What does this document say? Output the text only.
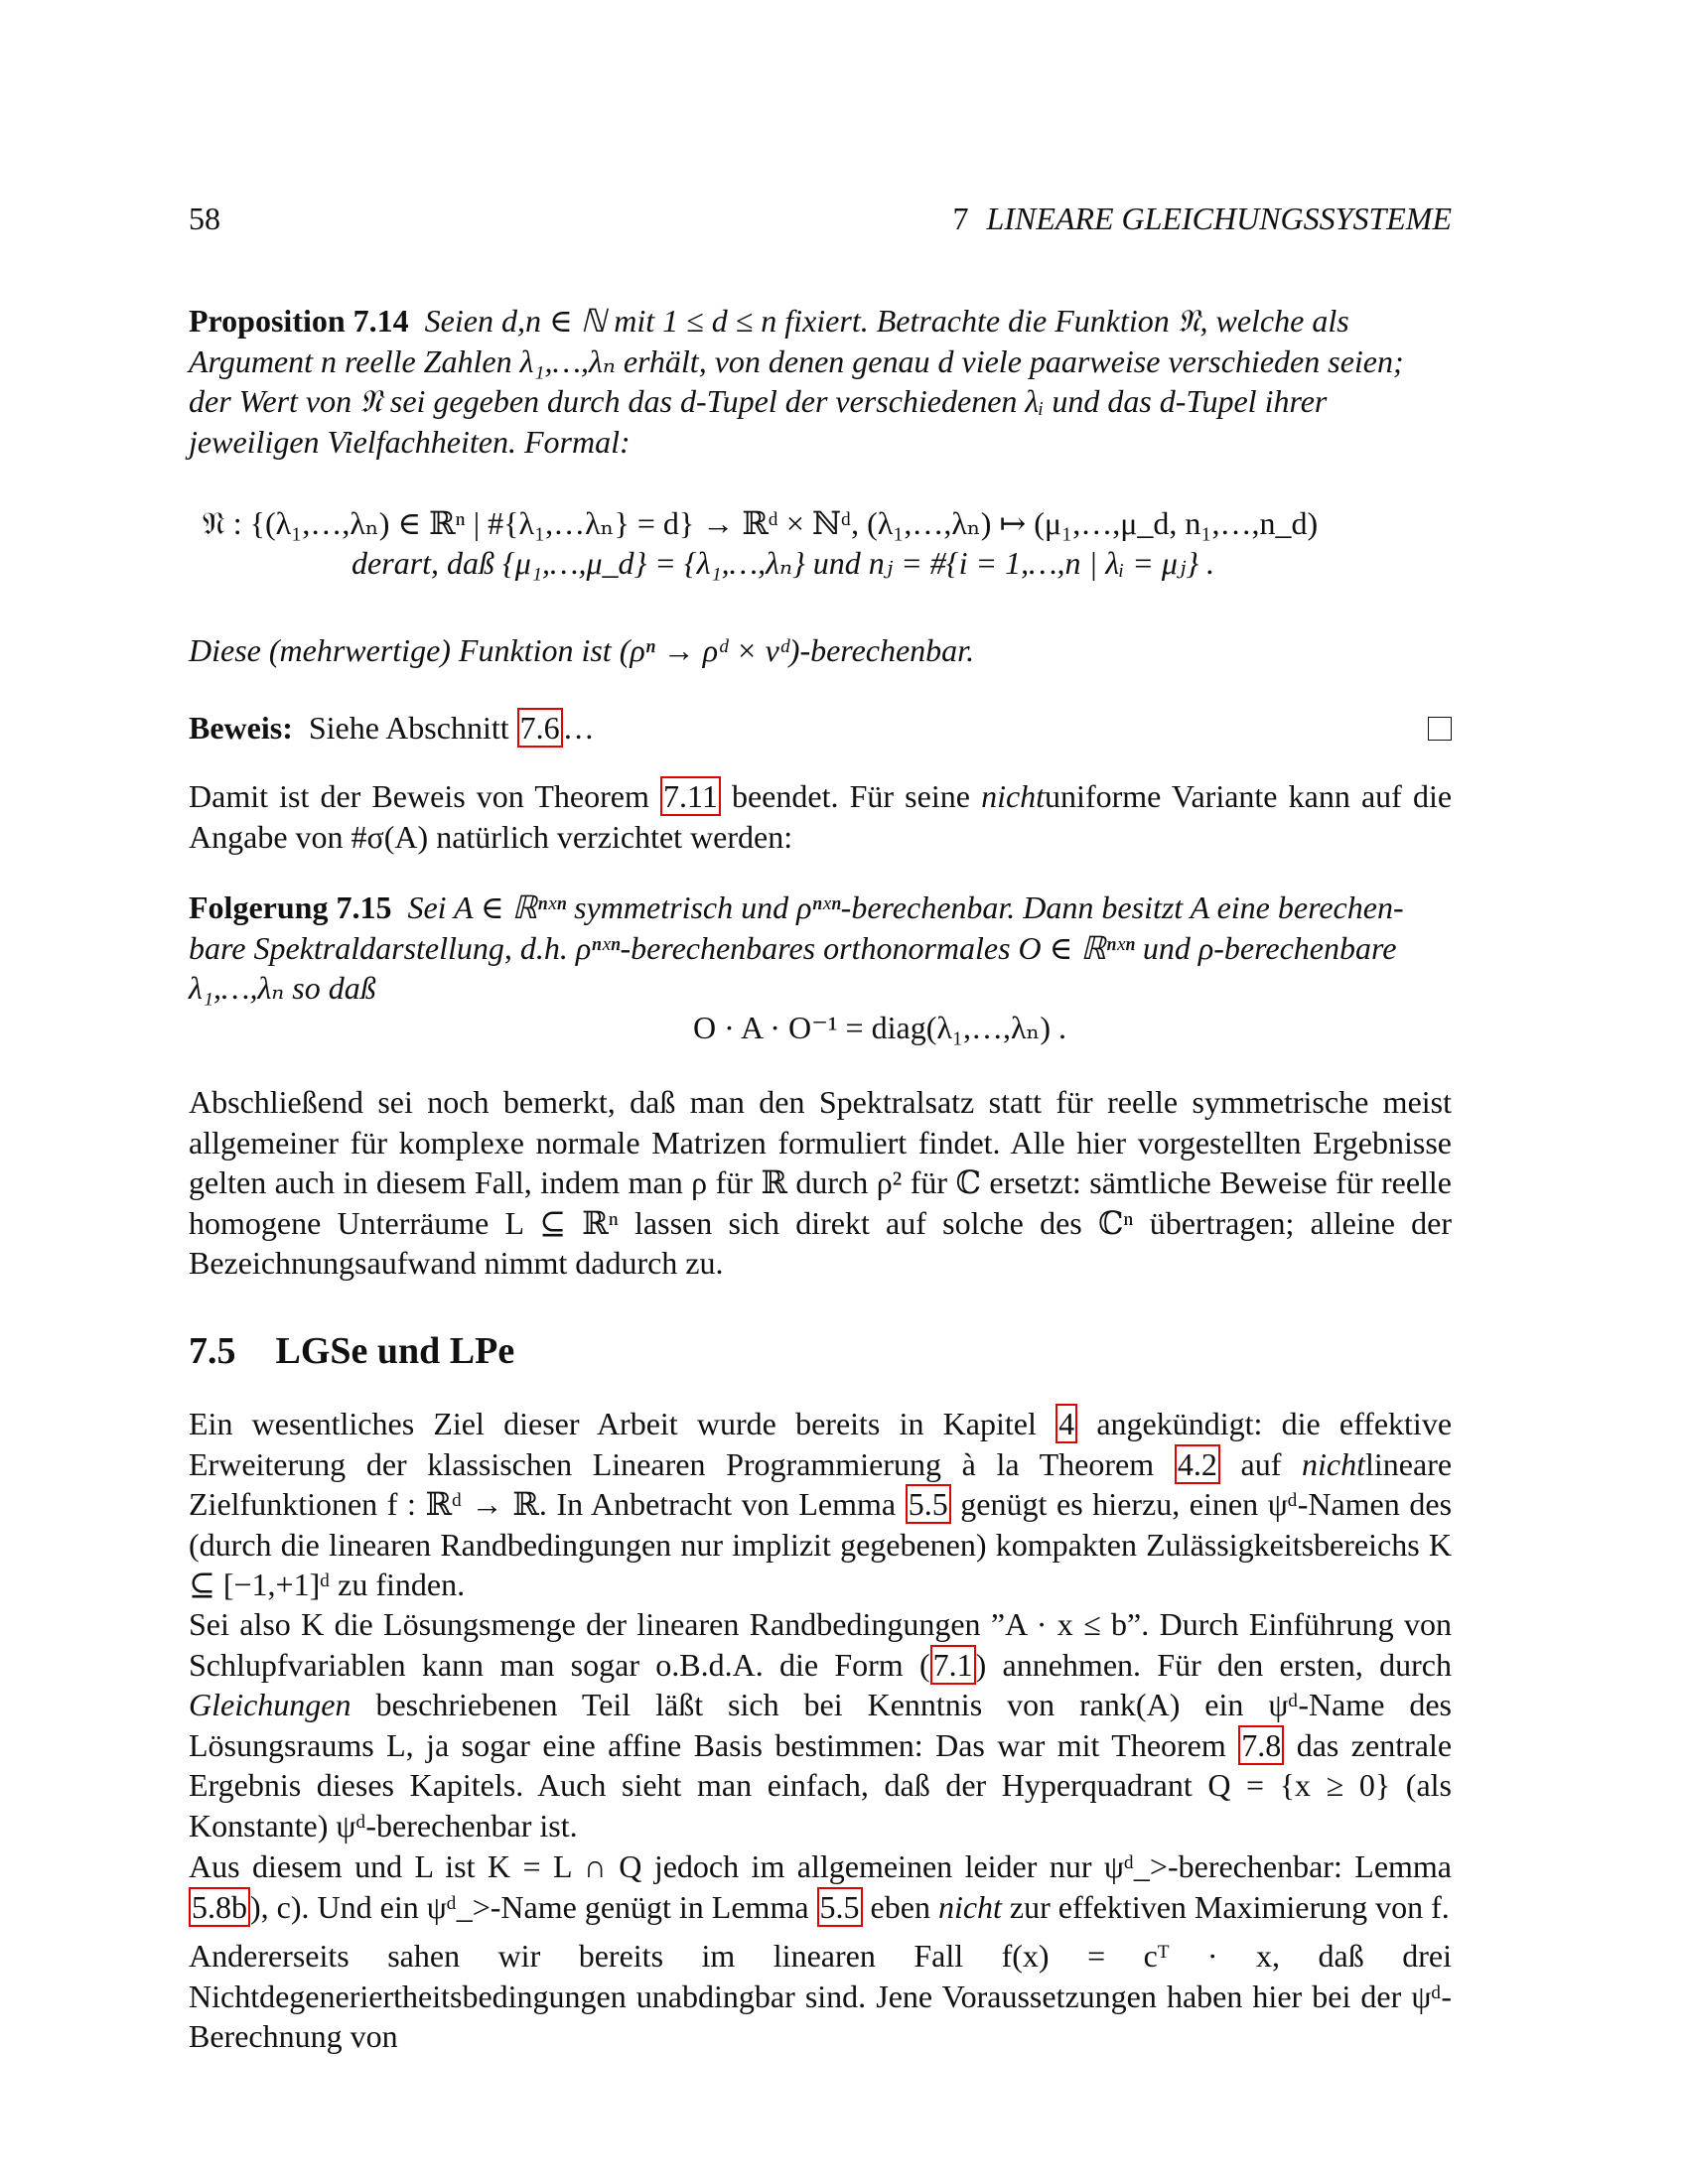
58	7 LINEARE GLEICHUNGSSYSTEME
Proposition 7.14 Seien d,n ∈ ℕ mit 1 ≤ d ≤ n fixiert. Betrachte die Funktion 𝔑, welche als
Argument n reelle Zahlen λ₁,…,λₙ erhält, von denen genau d viele paarweise verschieden seien;
der Wert von 𝔑 sei gegeben durch das d-Tupel der verschiedenen λᵢ und das d-Tupel ihrer
jeweiligen Vielfachheiten. Formal:
𝔑 : {(λ₁,…,λₙ) ∈ ℝⁿ | #{λ₁,…λₙ} = d} → ℝᵈ × ℕᵈ, (λ₁,…,λₙ) ↦ (μ₁,…,μ_d, n₁,…,n_d)
derart, daß {μ₁,…,μ_d} = {λ₁,…,λₙ} und nⱼ = #{i = 1,…,n | λᵢ = μⱼ} .
Diese (mehrwertige) Funktion ist (ρⁿ → ρᵈ × νᵈ)-berechenbar.
Beweis: Siehe Abschnitt 7.6…
Damit ist der Beweis von Theorem 7.11 beendet. Für seine nichtuniforme Variante kann auf die Angabe von #σ(A) natürlich verzichtet werden:
Folgerung 7.15 Sei A ∈ ℝⁿˣⁿ symmetrisch und ρⁿˣⁿ-berechenbar. Dann besitzt A eine berechen-
bare Spektraldarstellung, d.h. ρⁿˣⁿ-berechenbares orthonormales O ∈ ℝⁿˣⁿ und ρ-berechenbare
λ₁,…,λₙ so daß
O · A · O⁻¹ = diag(λ₁,…,λₙ) .
Abschließend sei noch bemerkt, daß man den Spektralsatz statt für reelle symmetrische meist allgemeiner für komplexe normale Matrizen formuliert findet. Alle hier vorgestellten Ergebnisse gelten auch in diesem Fall, indem man ρ für ℝ durch ρ² für ℂ ersetzt: sämtliche Beweise für reelle homogene Unterräume L ⊆ ℝⁿ lassen sich direkt auf solche des ℂⁿ übertragen; alleine der Bezeichnungsaufwand nimmt dadurch zu.
7.5 LGSe und LPe
Ein wesentliches Ziel dieser Arbeit wurde bereits in Kapitel 4 angekündigt: die effektive Erweiterung der klassischen Linearen Programmierung à la Theorem 4.2 auf nichtlineare Zielfunktionen f : ℝᵈ → ℝ. In Anbetracht von Lemma 5.5 genügt es hierzu, einen ψᵈ-Namen des (durch die linearen Randbedingungen nur implizit gegebenen) kompakten Zulässigkeitsbereichs K ⊆ [−1,+1]ᵈ zu finden.
Sei also K die Lösungsmenge der linearen Randbedingungen ”A · x ≤ b”. Durch Einführung von Schlupfvariablen kann man sogar o.B.d.A. die Form (7.1) annehmen. Für den ersten, durch Gleichungen beschriebenen Teil läßt sich bei Kenntnis von rank(A) ein ψᵈ-Name des Lösungsraums L, ja sogar eine affine Basis bestimmen: Das war mit Theorem 7.8 das zentrale Ergebnis dieses Kapitels. Auch sieht man einfach, daß der Hyperquadrant Q = {x ≥ 0} (als Konstante) ψᵈ-berechenbar ist.
Aus diesem und L ist K = L ∩ Q jedoch im allgemeinen leider nur ψᵈ_>-berechenbar: Lemma 5.8b), c). Und ein ψᵈ_>-Name genügt in Lemma 5.5 eben nicht zur effektiven Maximierung von f.
Andererseits sahen wir bereits im linearen Fall f(x) = cᵀ · x, daß drei Nichtdegeneriertheitsbedingungen unabdingbar sind. Jene Voraussetzungen haben hier bei der ψᵈ-Berechnung von
